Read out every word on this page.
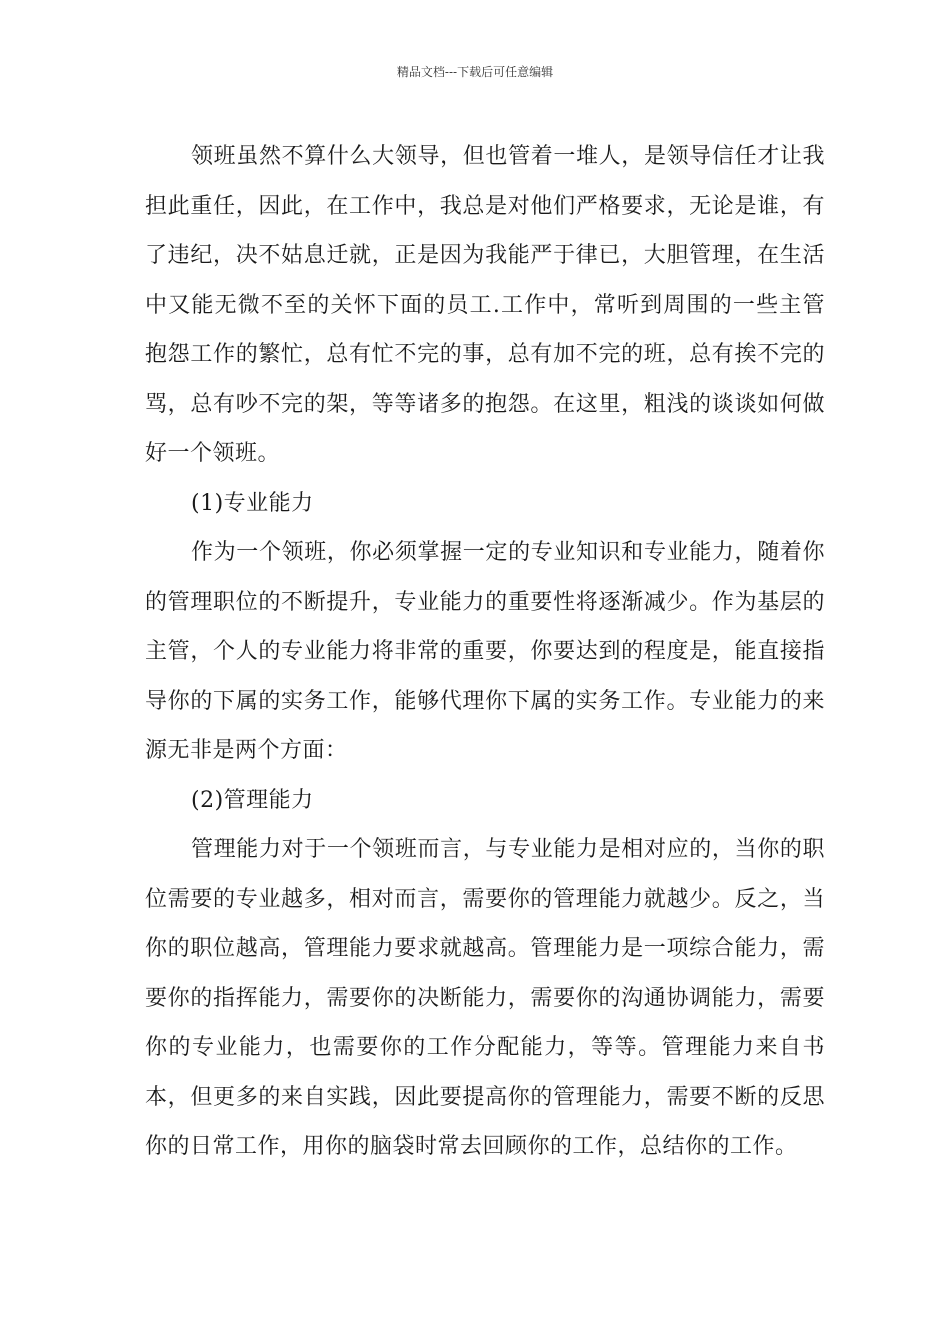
精品文档---下载后可任意编辑

领班虽然不算什么大领导，但也管着一堆人，是领导信任才让我担此重任，因此，在工作中，我总是对他们严格要求，无论是谁，有了违纪，决不姑息迁就，正是因为我能严于律已，大胆管理，在生活中又能无微不至的关怀下面的员工.工作中，常听到周围的一些主管抱怨工作的繁忙，总有忙不完的事，总有加不完的班，总有挨不完的骂，总有吵不完的架，等等诸多的抱怨。在这里，粗浅的谈谈如何做好一个领班。

(1)专业能力

作为一个领班，你必须掌握一定的专业知识和专业能力，随着你的管理职位的不断提升，专业能力的重要性将逐渐减少。作为基层的主管，个人的专业能力将非常的重要，你要达到的程度是，能直接指导你的下属的实务工作，能够代理你下属的实务工作。专业能力的来源无非是两个方面：

(2)管理能力

管理能力对于一个领班而言，与专业能力是相对应的，当你的职位需要的专业越多，相对而言，需要你的管理能力就越少。反之，当你的职位越高，管理能力要求就越高。管理能力是一项综合能力，需要你的指挥能力，需要你的决断能力，需要你的沟通协调能力，需要你的专业能力，也需要你的工作分配能力，等等。管理能力来自书本，但更多的来自实践，因此要提高你的管理能力，需要不断的反思你的日常工作，用你的脑袋时常去回顾你的工作，总结你的工作。
